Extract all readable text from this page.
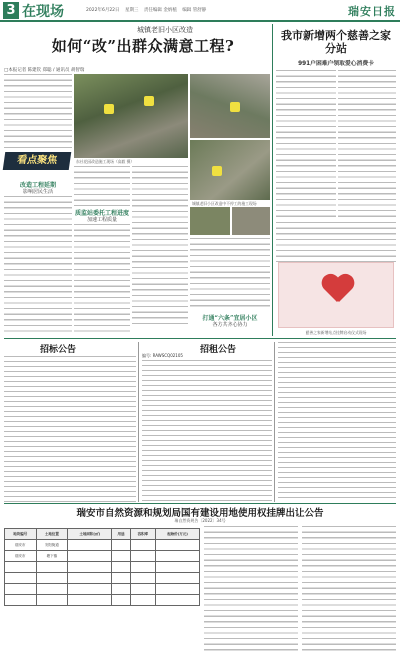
3 在现场	2022年6月22日 星期三 责任编辑 金炳植 编辑 管舒静	瑞安日报
城镇老旧小区改造
如何“改”出群众满意工程?
□本报记者 陈建钦 郑聪 / 通讯员 胡智瑞
城镇老旧小区改造中不停工的施工现场
东社花园改造施工现场（高毅 摄）
看点聚焦
改造工程延期
影响居民生活
质监站委托工程进度
加速工程质量
打通“六条”宜居小区
各方共齐心协力
我市新增两个慈善之家分站
991户困难户领取爱心消费卡
慈善之家新增站点挂牌启动仪式现场
招标公告	招租公告
编号: RAWSCQ02105
瑞安市自然资源和规划局国有建设用地使用权挂牌出让公告
瑞自然资规告〔2022〕34号
地块编号	土地位置	土地面积(㎡)	用途	容积率	起始价(万元)
瑞安市	安阳街道				
瑞安市	塘下镇				
